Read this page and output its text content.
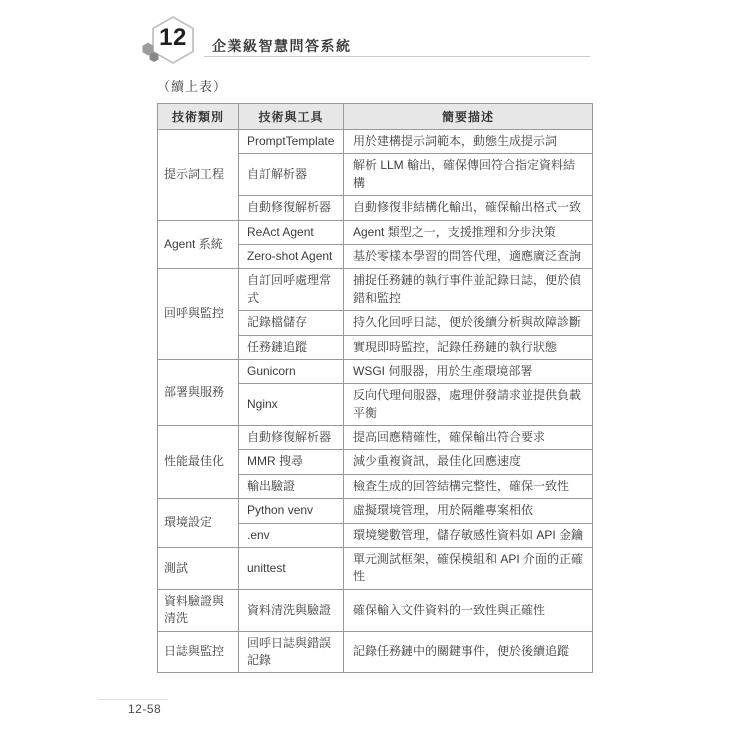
12	企業級智慧問答系統
（續上表）
技術類別	技術與工具	簡要描述
提示詞工程	PromptTemplate	用於建構提示詞範本，動態生成提示詞
	自訂解析器	解析 LLM 輸出，確保傳回符合指定資料結構
	自動修復解析器	自動修復非結構化輸出，確保輸出格式一致
Agent 系統	ReAct Agent	Agent 類型之一，支援推理和分步決策
	Zero-shot Agent	基於零樣本學習的問答代理，適應廣泛查詢
回呼與監控	自訂回呼處理常式	捕捉任務鏈的執行事件並記錄日誌，便於偵錯和監控
	記錄檔儲存	持久化回呼日誌，便於後續分析與故障診斷
	任務鏈追蹤	實現即時監控，記錄任務鏈的執行狀態
部署與服務	Gunicorn	WSGI 伺服器，用於生產環境部署
	Nginx	反向代理伺服器，處理併發請求並提供負載平衡
性能最佳化	自動修復解析器	提高回應精確性，確保輸出符合要求
	MMR 搜尋	減少重複資訊，最佳化回應速度
	輸出驗證	檢查生成的回答結構完整性，確保一致性
環境設定	Python venv	虛擬環境管理，用於隔離專案相依
	.env	環境變數管理，儲存敏感性資料如 API 金鑰
測試	unittest	單元測試框架，確保模組和 API 介面的正確性
資料驗證與清洗	資料清洗與驗證	確保輸入文件資料的一致性與正確性
日誌與監控	回呼日誌與錯誤記錄	記錄任務鏈中的關鍵事件，便於後續追蹤
12-58
